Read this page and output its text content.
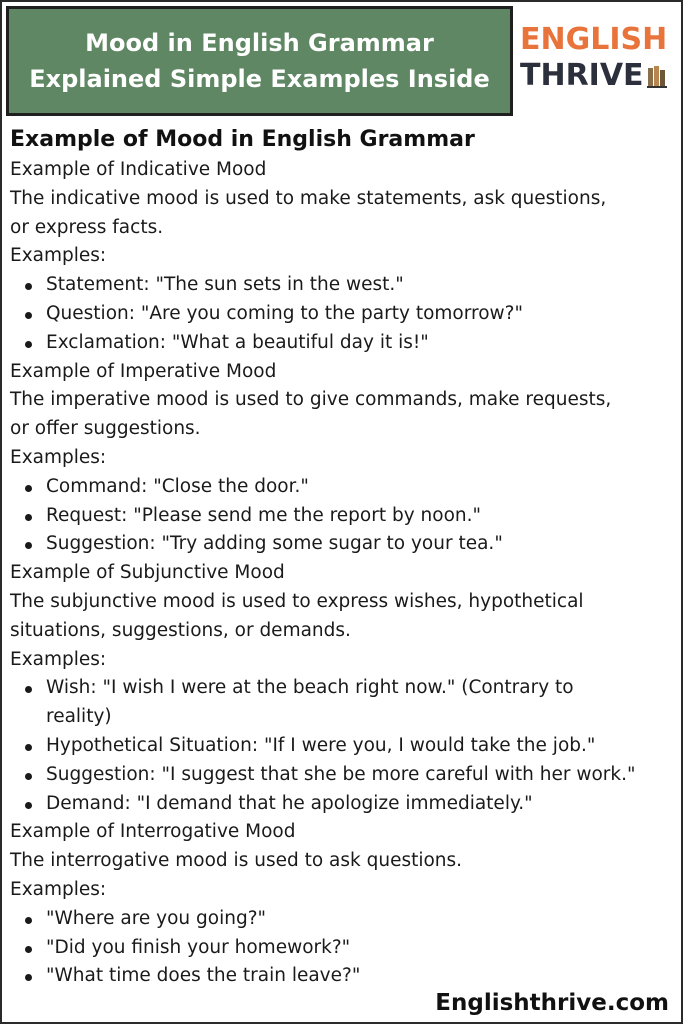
Mood in English Grammar
Explained Simple Examples Inside
ENGLISH
THRIVE
Example of Mood in English Grammar
Example of Indicative Mood
The indicative mood is used to make statements, ask questions,
or express facts.
Examples:
Statement: "The sun sets in the west."
Question: "Are you coming to the party tomorrow?"
Exclamation: "What a beautiful day it is!"
Example of Imperative Mood
The imperative mood is used to give commands, make requests,
or offer suggestions.
Examples:
Command: "Close the door."
Request: "Please send me the report by noon."
Suggestion: "Try adding some sugar to your tea."
Example of Subjunctive Mood
The subjunctive mood is used to express wishes, hypothetical
situations, suggestions, or demands.
Examples:
Wish: "I wish I were at the beach right now." (Contrary to
reality)
Hypothetical Situation: "If I were you, I would take the job."
Suggestion: "I suggest that she be more careful with her work."
Demand: "I demand that he apologize immediately."
Example of Interrogative Mood
The interrogative mood is used to ask questions.
Examples:
"Where are you going?"
"Did you finish your homework?"
"What time does the train leave?"
Englishthrive.com
